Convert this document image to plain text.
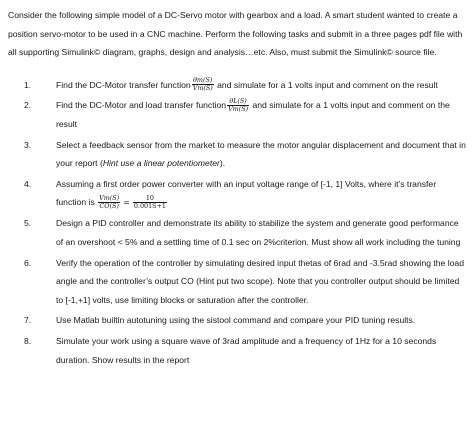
Consider the following simple model of a DC-Servo motor with gearbox and a load. A smart student wanted to create a position servo-motor to be used in a CNC machine. Perform the following tasks and submit in a three pages pdf file with all supporting Simulink© diagram, graphs, design and analysis…etc. Also, must submit the Simulink© source file.

1.	Find the DC-Motor transfer function $\frac{\theta m(S)}{Vm(S)}$ and simulate for a 1 volts input and comment on the result
2.	Find the DC-Motor and load transfer function $\frac{\theta L(S)}{Vm(S)}$ and simulate for a 1 volts input and comment on the result
3.	Select a feedback sensor from the market to measure the motor angular displacement and document that in your report (Hint use a linear potentiometer).
4.	Assuming a first order power converter with an input voltage range of [-1, 1] Volts, where it’s transfer function is $\frac{Vm(S)}{CO(S)} = \frac{10}{0.001S+1}$
5.	Design a PID controller and demonstrate its ability to stabilize the system and generate good performance of an overshoot < 5% and a settling time of 0.1 sec on 2%criterion. Must show all work including the tuning
6.	Verify the operation of the controller by simulating desired input thetas of 6rad and -3.5rad showing the load angle and the controller’s output CO (Hint put two scope). Note that you controller output should be limited to [-1,+1] volts, use limiting blocks or saturation after the controller.
7.	Use Matlab builtin autotuning using the sistool command and compare your PID tuning results.
8.	Simulate your work using a square wave of 3rad amplitude and a frequency of 1Hz for a 10 seconds duration. Show results in the report
